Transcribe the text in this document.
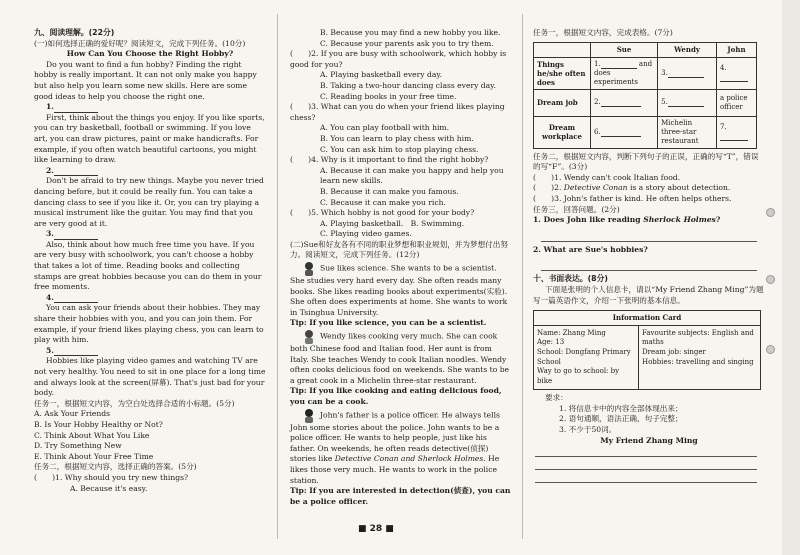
九、阅读理解。(22分)

(一)如何选择正确的爱好呢？阅读短文，完成下列任务。(10分)

How Can You Choose the Right Hobby?

Do you want to find a fun hobby? Finding the right hobby is really important. It can not only make you happy but also help you learn some new skills. Here are some good ideas to help you choose the right one.

1.

First, think about the things you enjoy. If you like sports, you can try basketball, football or swimming. If you love art, you can draw pictures, paint or make handicrafts. For example, if you often watch beautiful cartoons, you might like learning to draw.

2.

Don't be afraid to try new things. Maybe you never tried dancing before, but it could be really fun. You can take a dancing class to see if you like it. Or, you can try playing a musical instrument like the guitar. You may find that you are very good at it.

3.

Also, think about how much free time you have. If you are very busy with schoolwork, you can't choose a hobby that takes a lot of time. Reading books and collecting stamps are great hobbies because you can do them in your free moments.

4.

You can ask your friends about their hobbies. They may share their hobbies with you, and you can join them. For example, if your friend likes playing chess, you can learn to play with him.

5.

Hobbies like playing video games and watching TV are not very healthy. You need to sit in one place for a long time and always look at the screen(屏幕). That's just bad for your body.

任务一，根据短文内容，为空白处选择合适的小标题。(5分)

A. Ask Your Friends

B. Is Your Hobby Healthy or Not?

C. Think About What You Like

D. Try Something New

E. Think About Your Free Time

任务二，根据短文内容，选择正确的答案。(5分)

(　　)1. Why should you try new things?

A. Because it's easy.

B. Because you may find a new hobby you like.

C. Because your parents ask you to try them.

(　　)2. If you are busy with schoolwork, which hobby is good for you?

A. Playing basketball every day.

B. Taking a two-hour dancing class every day.

C. Reading books in your free time.

(　　)3. What can you do when your friend likes playing chess?

A. You can play football with him.

B. You can learn to play chess with him.

C. You can ask him to stop playing chess.

(　　)4. Why is it important to find the right hobby?

A. Because it can make you happy and help you learn new skills.

B. Because it can make you famous.

C. Because it can make you rich.

(　　)5. Which hobby is not good for your body?

A. Playing basketball. B. Swimming.

C. Playing video games.

(二)Sue和好友各有不同的职业梦想和职业规划，并为梦想付出努力。阅读短文，完成下列任务。(12分)

Sue likes science. She wants to be a scientist. She studies very hard every day. She often reads many books. She likes reading books about experiments(实验). She often does experiments at home. She wants to work in Tsinghua University.

Tip: If you like science, you can be a scientist.

Wendy likes cooking very much. She can cook both Chinese food and Italian food. Her aunt is from Italy. She teaches Wendy to cook Italian noodles. Wendy often cooks delicious food on weekends. She wants to be a great cook in a Michelin three-star restaurant.

Tip: If you like cooking and eating delicious food, you can be a cook.

John's father is a police officer. He always tells John some stories about the police. John wants to be a police officer. He wants to help people, just like his father. On weekends, he often reads detective(侦探) stories like Detective Conan and Sherlock Holmes. He likes those very much. He wants to work in the police station.

Tip: If you are interested in detection(侦查), you can be a police officer.

任务一，根据短文内容，完成表格。(7分)

	Sue	Wendy	John
Things he/she often does	1. and does experiments	3.	4.
Dream job	2.	5.	a police officer
Dream workplace	6.	Michelin three-star restaurant	7.

任务二，根据短文内容，判断下列句子的正误，正确的写“T”，错误的写“F”。(3分)

(　　)1. Wendy can't cook Italian food.

(　　)2. Detective Conan is a story about detection.

(　　)3. John's father is kind. He often helps others.

任务三，回答问题。(2分)

1. Does John like reading Sherlock Holmes?

2. What are Sue's hobbies?

十、书面表达。(8分)

下面是张明的个人信息卡，请以“My Friend Zhang Ming”为题写一篇英语作文，介绍一下张明的基本信息。

Information Card

Name: Zhang Ming

Age: 13

School: Dongfang Primary School

Way to go to school: by bike

Favourite subjects: English and maths

Dream job: singer

Hobbies: travelling and singing

要求：

1. 将信息卡中的内容全部体现出来；

2. 语句通顺，语法正确，句子完整；

3. 不少于50词。

My Friend Zhang Ming

■ 28 ■
